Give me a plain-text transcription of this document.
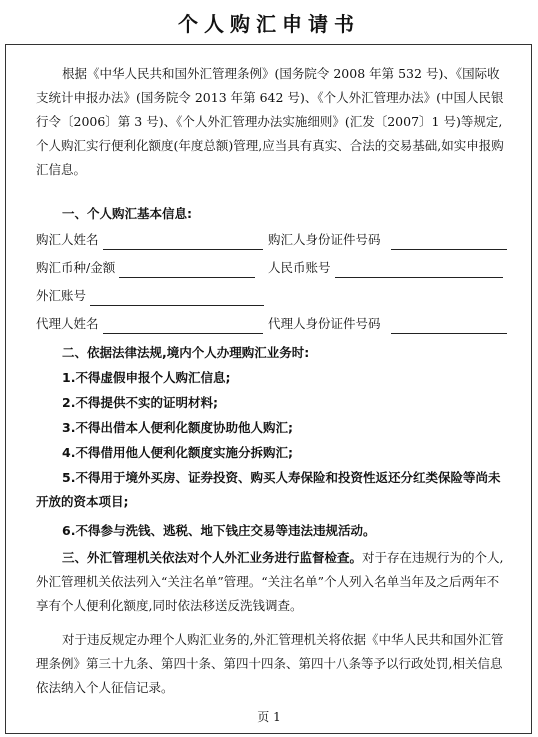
个人购汇申请书
根据《中华人民共和国外汇管理条例》(国务院令 2008 年第 532 号)、《国际收支统计申报办法》(国务院令 2013 年第 642 号)、《个人外汇管理办法》(中国人民银行令〔2006〕第 3 号)、《个人外汇管理办法实施细则》(汇发〔2007〕1 号)等规定,个人购汇实行便利化额度(年度总额)管理,应当具有真实、合法的交易基础,如实申报购汇信息。
一、个人购汇基本信息:
购汇人姓名	购汇人身份证件号码
购汇币种/金额	人民币账号
外汇账号
代理人姓名	代理人身份证件号码
二、依据法律法规,境内个人办理购汇业务时:
1.不得虚假申报个人购汇信息;
2.不得提供不实的证明材料;
3.不得出借本人便利化额度协助他人购汇;
4.不得借用他人便利化额度实施分拆购汇;
5.不得用于境外买房、证券投资、购买人寿保险和投资性返还分红类保险等尚未开放的资本项目;
6.不得参与洗钱、逃税、地下钱庄交易等违法违规活动。
三、外汇管理机关依法对个人外汇业务进行监督检查。对于存在违规行为的个人,外汇管理机关依法列入“关注名单”管理。“关注名单”个人列入名单当年及之后两年不享有个人便利化额度,同时依法移送反洗钱调查。
对于违反规定办理个人购汇业务的,外汇管理机关将依据《中华人民共和国外汇管理条例》第三十九条、第四十条、第四十四条、第四十八条等予以行政处罚,相关信息依法纳入个人征信记录。
页 1
